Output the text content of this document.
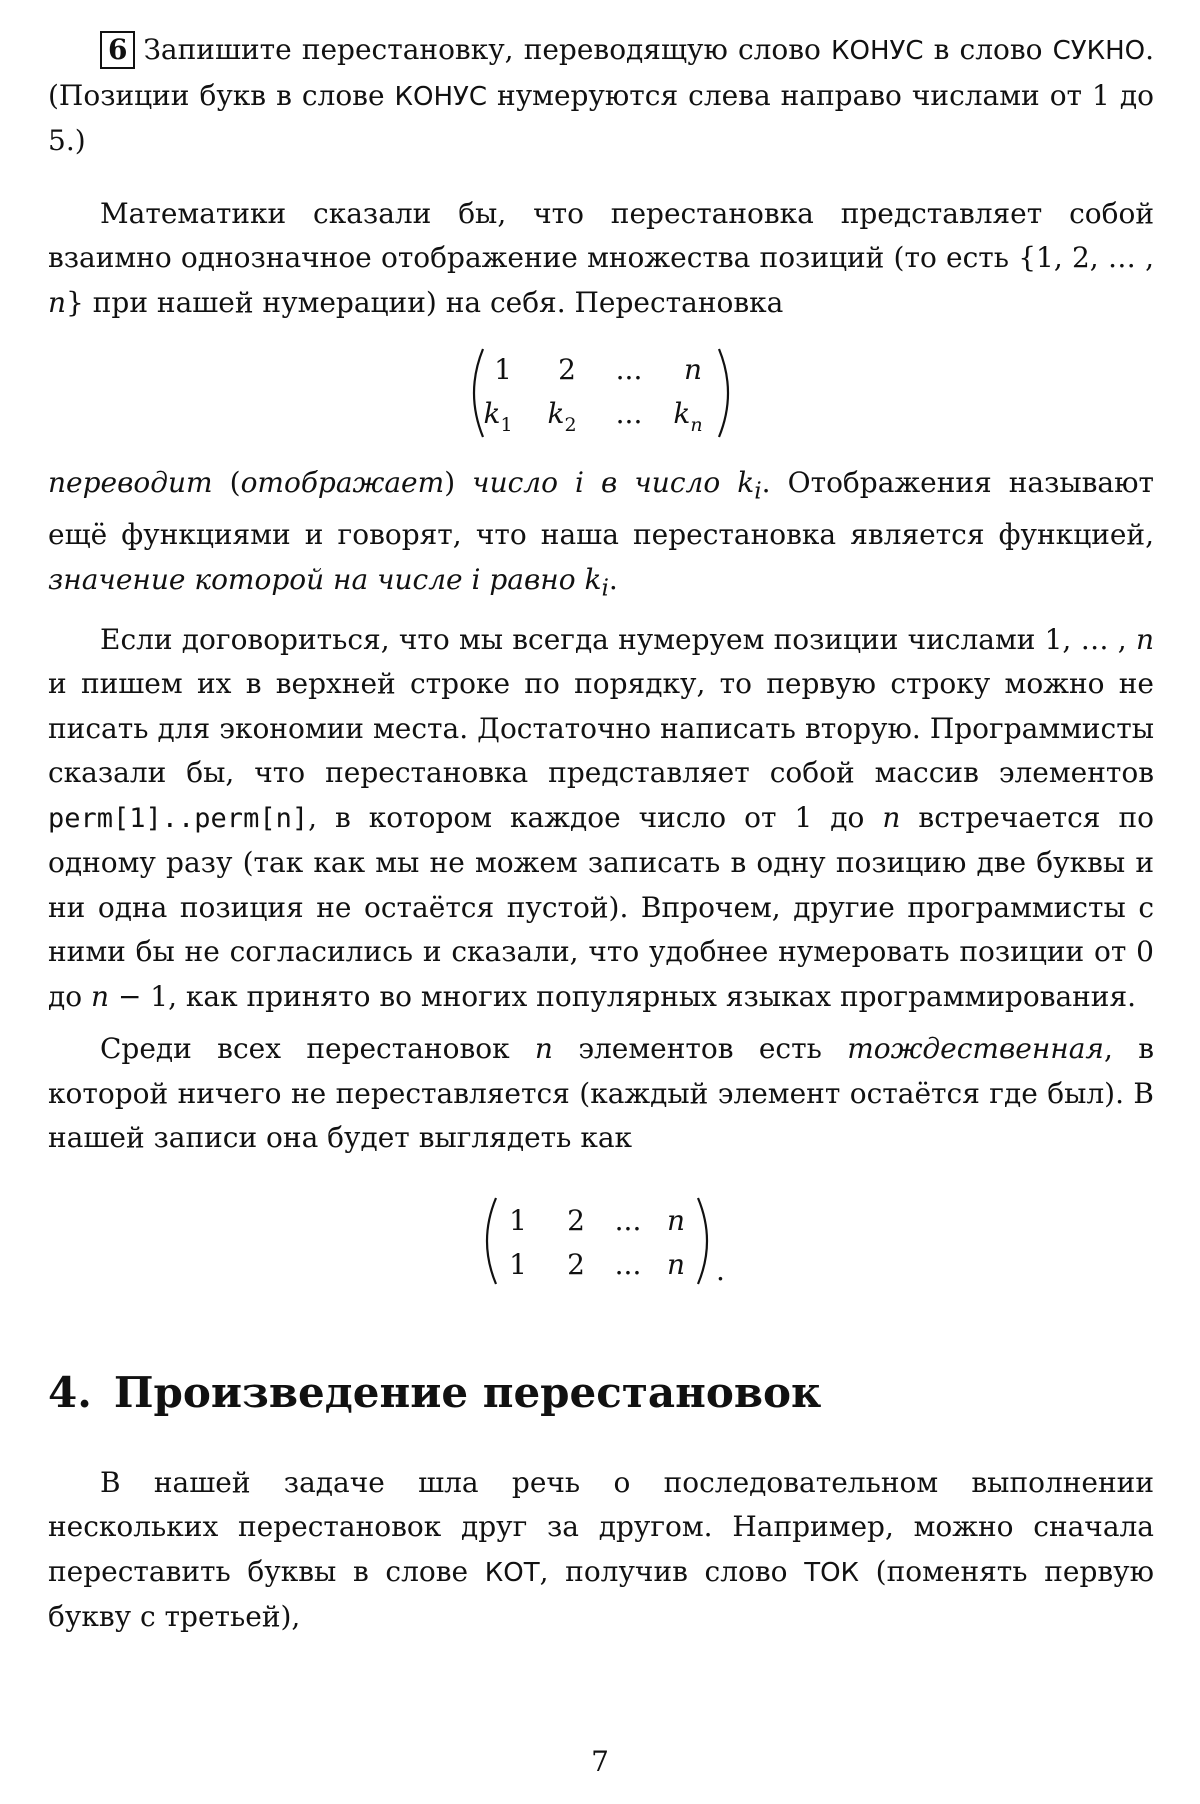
6 Запишите перестановку, переводящую слово КОНУС в слово СУКНО. (Позиции букв в слове КОНУС нумеруются слева направо числами от 1 до 5.)

Математики сказали бы, что перестановка представляет собой взаимно однозначное отображение множества позиций (то есть {1, 2, … , n} при нашей нумерации) на себя. Перестановка

1 2 ... n
k1 k2 ... kn

переводит (отображает) число i в число ki. Отображения называют ещё функциями и говорят, что наша перестановка является функцией, значение которой на числе i равно ki.

Если договориться, что мы всегда нумеруем позиции числами 1, … , n и пишем их в верхней строке по порядку, то первую строку можно не писать для экономии места. Достаточно написать вторую. Программисты сказали бы, что перестановка представляет собой массив элементов perm[1]..perm[n], в котором каждое число от 1 до n встречается по одному разу (так как мы не можем записать в одну позицию две буквы и ни одна позиция не остаётся пустой). Впрочем, другие программисты с ними бы не согласились и сказали, что удобнее нумеровать позиции от 0 до n − 1, как принято во многих популярных языках программирования.

Среди всех перестановок n элементов есть тождественная, в которой ничего не переставляется (каждый элемент остаётся где был). В нашей записи она будет выглядеть как

1 2 ... n
1 2 ... n .
4. Произведение перестановок

В нашей задаче шла речь о последовательном выполнении нескольких перестановок друг за другом. Например, можно сначала переставить буквы в слове КОТ, получив слово ТОК (поменять первую букву с третьей),

7
